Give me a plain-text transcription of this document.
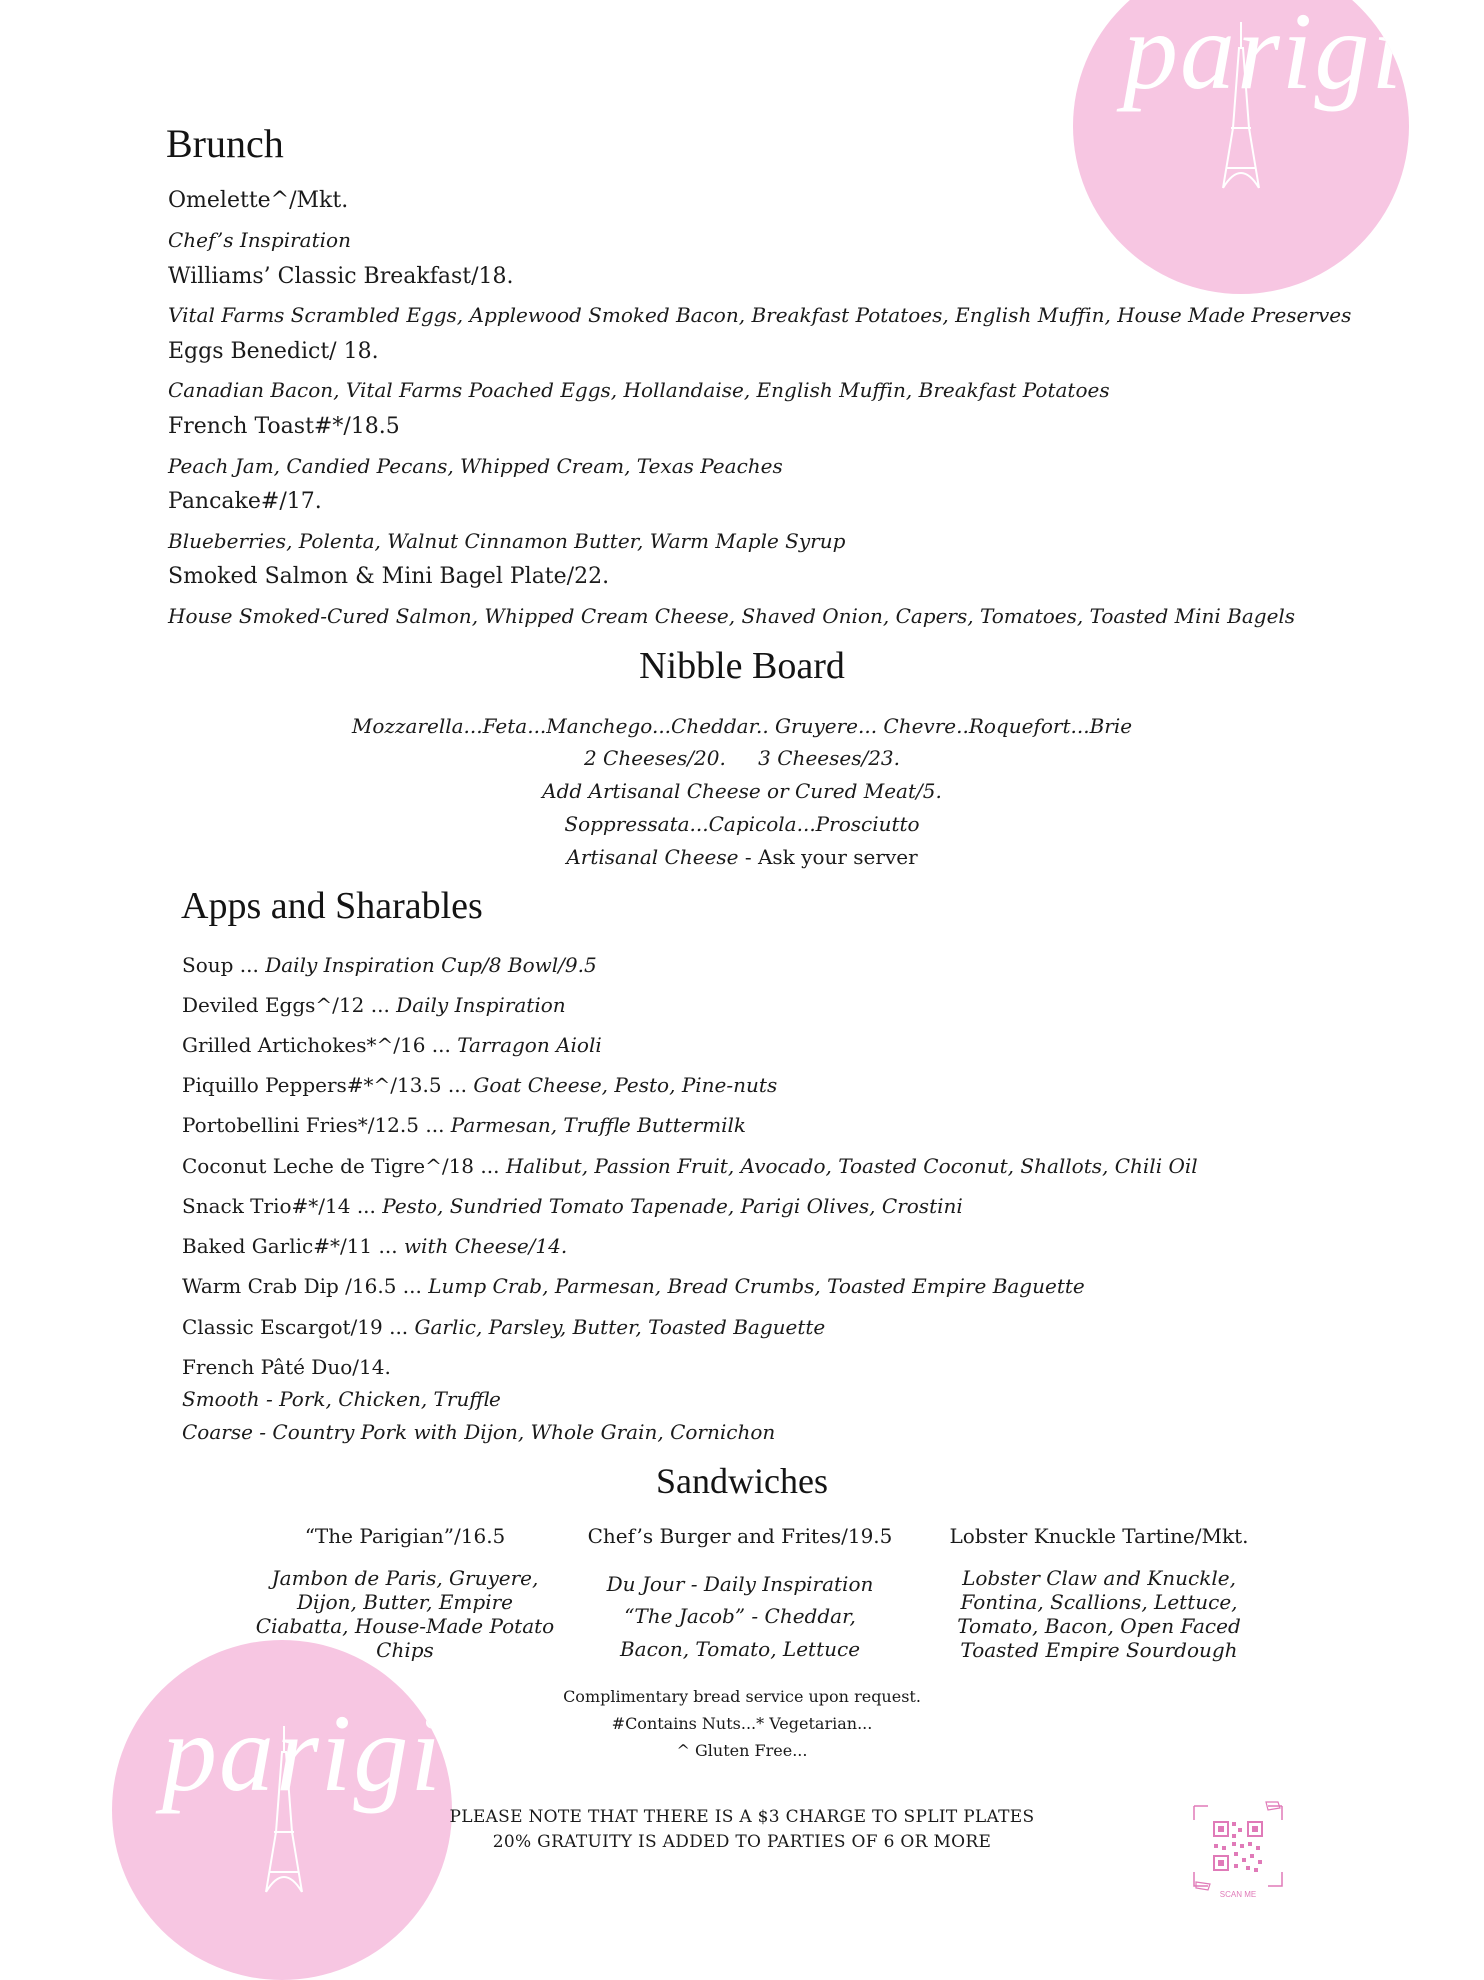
parigi
Brunch
Omelette^/Mkt.
Chef’s Inspiration
Williams’ Classic Breakfast/18.
Vital Farms Scrambled Eggs, Applewood Smoked Bacon, Breakfast Potatoes, English Muffin, House Made Preserves
Eggs Benedict/ 18.
Canadian Bacon, Vital Farms Poached Eggs, Hollandaise, English Muffin, Breakfast Potatoes
French Toast#*/18.5
Peach Jam, Candied Pecans, Whipped Cream, Texas Peaches
Pancake#/17.
Blueberries, Polenta, Walnut Cinnamon Butter, Warm Maple Syrup
Smoked Salmon & Mini Bagel Plate/22.
House Smoked-Cured Salmon, Whipped Cream Cheese, Shaved Onion, Capers, Tomatoes, Toasted Mini Bagels
Nibble Board
Mozzarella...Feta...Manchego...Cheddar.. Gruyere... Chevre..Roquefort...Brie
2 Cheeses/20. 3 Cheeses/23.
Add Artisanal Cheese or Cured Meat/5.
Soppressata...Capicola...Prosciutto
Artisanal Cheese - Ask your server
Apps and Sharables
Soup ... Daily Inspiration Cup/8 Bowl/9.5
Deviled Eggs^/12 ... Daily Inspiration
Grilled Artichokes*^/16 ... Tarragon Aioli
Piquillo Peppers#*^/13.5 ... Goat Cheese, Pesto, Pine-nuts
Portobellini Fries*/12.5 ... Parmesan, Truffle Buttermilk
Coconut Leche de Tigre^/18 ... Halibut, Passion Fruit, Avocado, Toasted Coconut, Shallots, Chili Oil
Snack Trio#*/14 ... Pesto, Sundried Tomato Tapenade, Parigi Olives, Crostini
Baked Garlic#*/11 ... with Cheese/14.
Warm Crab Dip /16.5 ... Lump Crab, Parmesan, Bread Crumbs, Toasted Empire Baguette
Classic Escargot/19 ... Garlic, Parsley, Butter, Toasted Baguette
French Pâté Duo/14.
Smooth - Pork, Chicken, Truffle
Coarse - Country Pork with Dijon, Whole Grain, Cornichon
Sandwiches
“The Parigian”/16.5
Jambon de Paris, Gruyere, Dijon, Butter, Empire Ciabatta, House-Made Potato Chips
Chef’s Burger and Frites/19.5
Du Jour - Daily Inspiration
“The Jacob” - Cheddar, Bacon, Tomato, Lettuce
Lobster Knuckle Tartine/Mkt.
Lobster Claw and Knuckle, Fontina, Scallions, Lettuce, Tomato, Bacon, Open Faced Toasted Empire Sourdough
Complimentary bread service upon request.
#Contains Nuts...* Vegetarian...
^ Gluten Free...
parigi
PLEASE NOTE THAT THERE IS A $3 CHARGE TO SPLIT PLATES
20% GRATUITY IS ADDED TO PARTIES OF 6 OR MORE
SCAN ME
